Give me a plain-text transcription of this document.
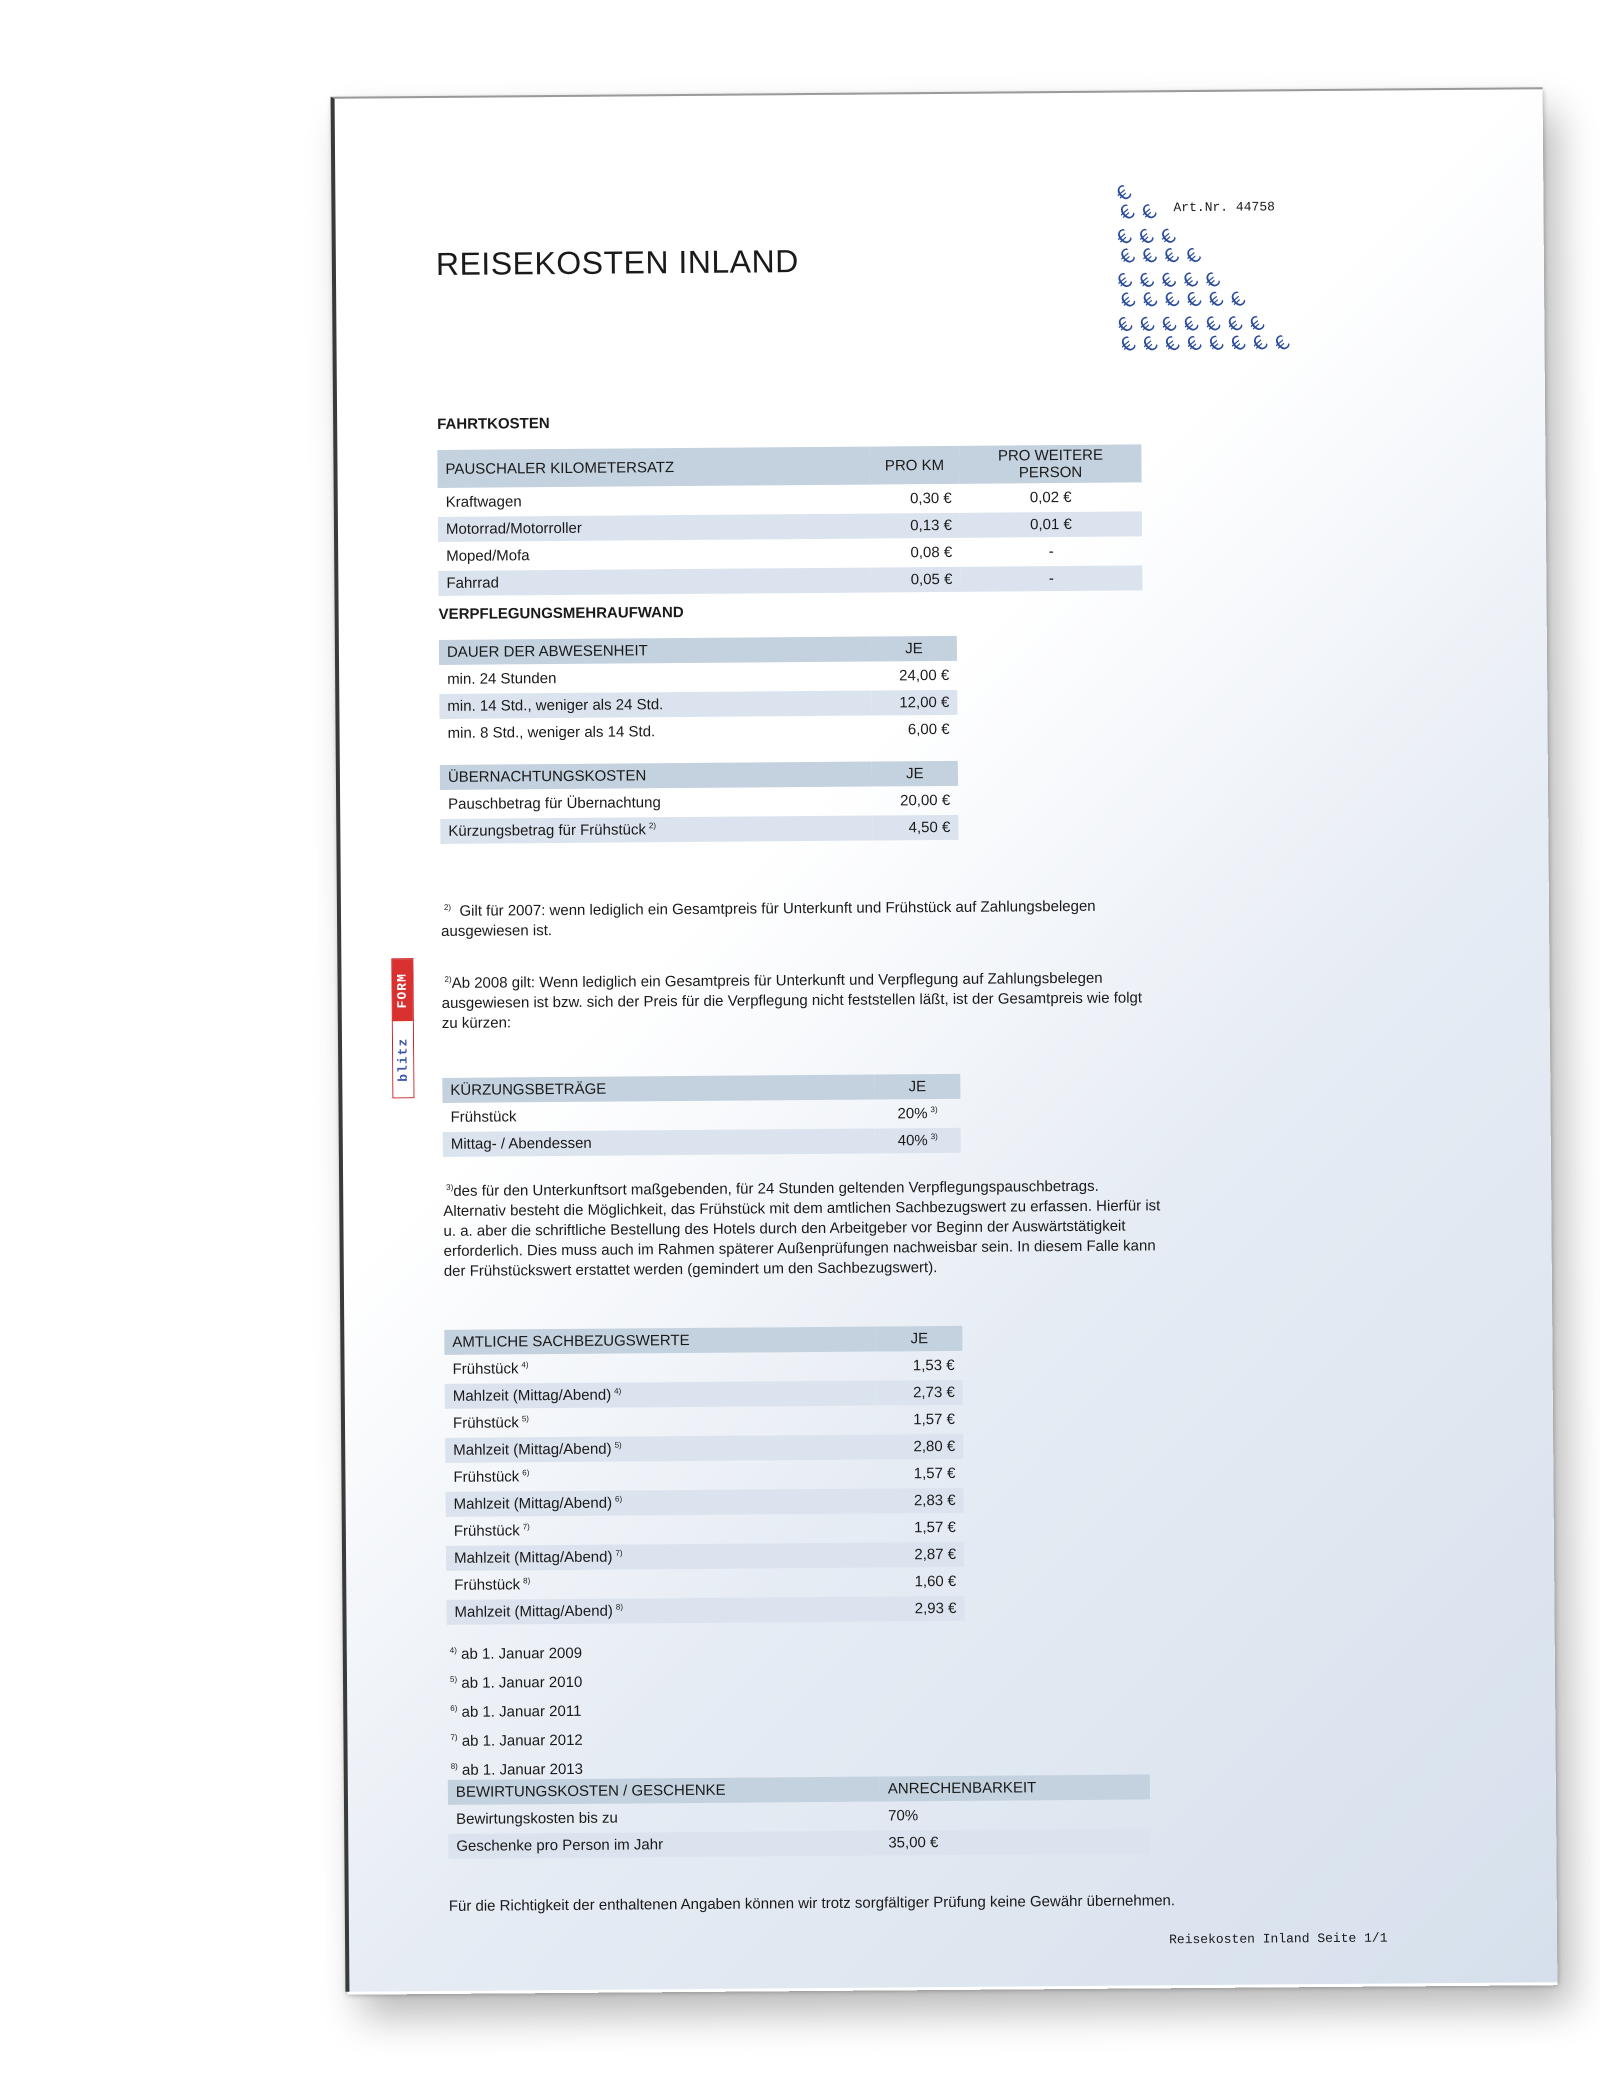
REISEKOSTEN INLAND
Art.Nr. 44758
€
€
€
€
€
€
€
€
€
€
€
€
€
€
€
€
€
€
€
€
€
€
€
€
€
€
€
€
€
€
€
€
€
€
€
€
FORM
blitz
FAHRTKOSTEN
PAUSCHALER KILOMETERSATZ	PRO KM	PRO WEITERE PERSON
Kraftwagen	0,30 €	0,02 €
Motorrad/Motorroller	0,13 €	0,01 €
Moped/Mofa	0,08 €	-
Fahrrad	0,05 €	-
VERPFLEGUNGSMEHRAUFWAND
DAUER DER ABWESENHEIT	JE
min. 24 Stunden	24,00 €
min. 14 Std., weniger als 24 Std.	12,00 €
min. 8 Std., weniger als 14 Std.	6,00 €
ÜBERNACHTUNGSKOSTEN	JE
Pauschbetrag für Übernachtung	20,00 €
Kürzungsbetrag für Frühstück $^{2)}$	4,50 €
$^{2)}$ Gilt für 2007: wenn lediglich ein Gesamtpreis für Unterkunft und Frühstück auf Zahlungsbelegen ausgewiesen ist.
$^{2)}$Ab 2008 gilt: Wenn lediglich ein Gesamtpreis für Unterkunft und Verpflegung auf Zahlungsbelegen ausgewiesen ist bzw. sich der Preis für die Verpflegung nicht feststellen läßt, ist der Gesamtpreis wie folgt zu kürzen:
KÜRZUNGSBETRÄGE	JE
Frühstück	20% $^{3)}$
Mittag- / Abendessen	40% $^{3)}$
$^{3)}$des für den Unterkunftsort maßgebenden, für 24 Stunden geltenden Verpflegungspauschbetrags. Alternativ besteht die Möglichkeit, das Frühstück mit dem amtlichen Sachbezugswert zu erfassen. Hierfür ist u. a. aber die schriftliche Bestellung des Hotels durch den Arbeitgeber vor Beginn der Auswärtstätigkeit erforderlich. Dies muss auch im Rahmen späterer Außenprüfungen nachweisbar sein. In diesem Falle kann der Frühstückswert erstattet werden (gemindert um den Sachbezugswert).
AMTLICHE SACHBEZUGSWERTE	JE
Frühstück $^{4)}$	1,53 €
Mahlzeit (Mittag/Abend) $^{4)}$	2,73 €
Frühstück $^{5)}$	1,57 €
Mahlzeit (Mittag/Abend) $^{5)}$	2,80 €
Frühstück $^{6)}$	1,57 €
Mahlzeit (Mittag/Abend) $^{6)}$	2,83 €
Frühstück $^{7)}$	1,57 €
Mahlzeit (Mittag/Abend) $^{7)}$	2,87 €
Frühstück $^{8)}$	1,60 €
Mahlzeit (Mittag/Abend) $^{8)}$	2,93 €
$^{4)}$ ab 1. Januar 2009
$^{5)}$ ab 1. Januar 2010
$^{6)}$ ab 1. Januar 2011
$^{7)}$ ab 1. Januar 2012
$^{8)}$ ab 1. Januar 2013
BEWIRTUNGSKOSTEN / GESCHENKE	ANRECHENBARKEIT
Bewirtungskosten bis zu	70%
Geschenke pro Person im Jahr	35,00 €
Für die Richtigkeit der enthaltenen Angaben können wir trotz sorgfältiger Prüfung keine Gewähr übernehmen.
Reisekosten Inland Seite 1/1
